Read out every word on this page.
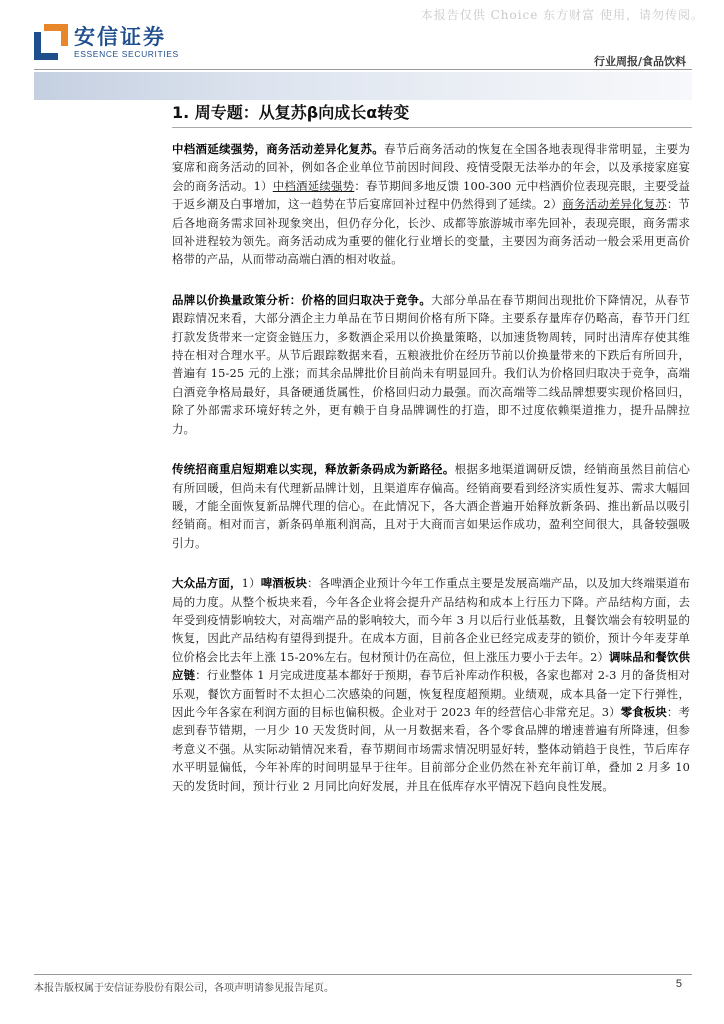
本报告仅供 Choice 东方财富 使用，请勿传阅。
安信证券
ESSENCE SECURITIES
行业周报/食品饮料
1. 周专题：从复苏β向成长α转变

中档酒延续强势，商务活动差异化复苏。春节后商务活动的恢复在全国各地表现得非常明显，主要为宴席和商务活动的回补，例如各企业单位节前因时间段、疫情受限无法举办的年会，以及承接家庭宴会的商务活动。1）中档酒延续强势：春节期间多地反馈 100-300 元中档酒价位表现亮眼，主要受益于返乡潮及白事增加，这一趋势在节后宴席回补过程中仍然得到了延续。2）商务活动差异化复苏：节后各地商务需求回补现象突出，但仍存分化，长沙、成都等旅游城市率先回补，表现亮眼，商务需求回补进程较为领先。商务活动成为重要的催化行业增长的变量，主要因为商务活动一般会采用更高价格带的产品，从而带动高端白酒的相对收益。

品牌以价换量政策分析：价格的回归取决于竞争。大部分单品在春节期间出现批价下降情况，从春节跟踪情况来看，大部分酒企主力单品在节日期间价格有所下降。主要系存量库存仍略高，春节开门红打款发货带来一定资金链压力，多数酒企采用以价换量策略，以加速货物周转，同时出清库存使其维持在相对合理水平。从节后跟踪数据来看，五粮液批价在经历节前以价换量带来的下跌后有所回升，普遍有 15-25 元的上涨；而其余品牌批价目前尚未有明显回升。我们认为价格回归取决于竞争，高端白酒竞争格局最好，具备硬通货属性，价格回归动力最强。而次高端等二线品牌想要实现价格回归，除了外部需求环境好转之外，更有赖于自身品牌调性的打造，即不过度依赖渠道推力，提升品牌拉力。

传统招商重启短期难以实现，释放新条码成为新路径。根据多地渠道调研反馈，经销商虽然目前信心有所回暖，但尚未有代理新品牌计划，且渠道库存偏高。经销商要看到经济实质性复苏、需求大幅回暖，才能全面恢复新品牌代理的信心。在此情况下，各大酒企普遍开始释放新条码、推出新品以吸引经销商。相对而言，新条码单瓶利润高，且对于大商而言如果运作成功，盈利空间很大，具备较强吸引力。

大众品方面，1）啤酒板块：各啤酒企业预计今年工作重点主要是发展高端产品，以及加大终端渠道布局的力度。从整个板块来看，今年各企业将会提升产品结构和成本上行压力下降。产品结构方面，去年受到疫情影响较大，对高端产品的影响较大，而今年 3 月以后行业低基数，且餐饮端会有较明显的恢复，因此产品结构有望得到提升。在成本方面，目前各企业已经完成麦芽的锁价，预计今年麦芽单位价格会比去年上涨 15-20%左右。包材预计仍在高位，但上涨压力要小于去年。2）调味品和餐饮供应链：行业整体 1 月完成进度基本都好于预期，春节后补库动作积极，各家也都对 2-3 月的备货相对乐观，餐饮方面暂时不太担心二次感染的问题，恢复程度超预期。业绩观，成本具备一定下行弹性，因此今年各家在利润方面的目标也偏积极。企业对于 2023 年的经营信心非常充足。3）零食板块：考虑到春节错期，一月少 10 天发货时间，从一月数据来看，各个零食品牌的增速普遍有所降速，但参考意义不强。从实际动销情况来看，春节期间市场需求情况明显好转，整体动销趋于良性，节后库存水平明显偏低，今年补库的时间明显早于往年。目前部分企业仍然在补充年前订单，叠加 2 月多 10 天的发货时间，预计行业 2 月同比向好发展，并且在低库存水平情况下趋向良性发展。

本报告版权属于安信证券股份有限公司，各项声明请参见报告尾页。	5
